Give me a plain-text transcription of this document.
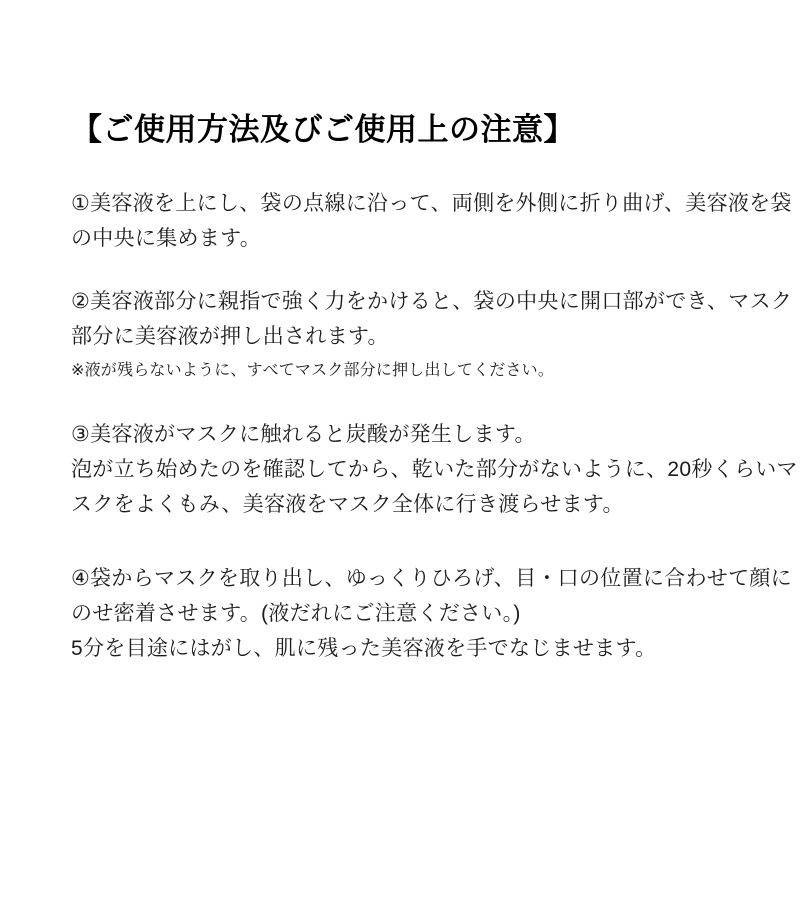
【ご使用方法及びご使用上の注意】
①美容液を上にし、袋の点線に沿って、両側を外側に折り曲げ、美容液を袋
の中央に集めます。
②美容液部分に親指で強く力をかけると、袋の中央に開口部ができ、マスク
部分に美容液が押し出されます。
※液が残らないように、すべてマスク部分に押し出してください。
③美容液がマスクに触れると炭酸が発生します。
泡が立ち始めたのを確認してから、乾いた部分がないように、20秒くらいマ
スクをよくもみ、美容液をマスク全体に行き渡らせます。
④袋からマスクを取り出し、ゆっくりひろげ、目・口の位置に合わせて顔に
のせ密着させます。(液だれにご注意ください。)
5分を目途にはがし、肌に残った美容液を手でなじませます。
